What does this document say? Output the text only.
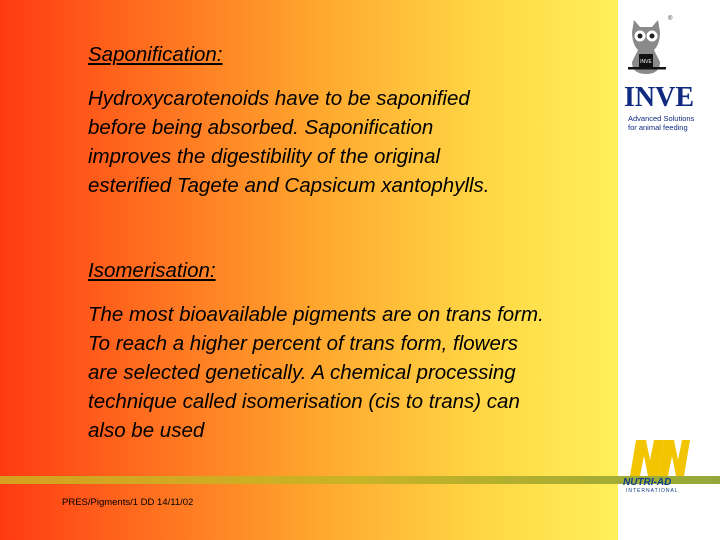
Saponification:
Hydroxycarotenoids have to be saponified
before being absorbed. Saponification
improves the digestibility of the original
esterified Tagete and Capsicum xantophylls.
Isomerisation:
The most bioavailable pigments are on trans form.
To reach a higher percent of trans form, flowers
are selected genetically. A chemical processing
technique called isomerisation (cis to trans) can
also be used
PRES/Pigments/1 DD 14/11/02
INVE
®
INVE
Advanced Solutions
for animal feeding
NUTRI-AD
INTERNATIONAL
